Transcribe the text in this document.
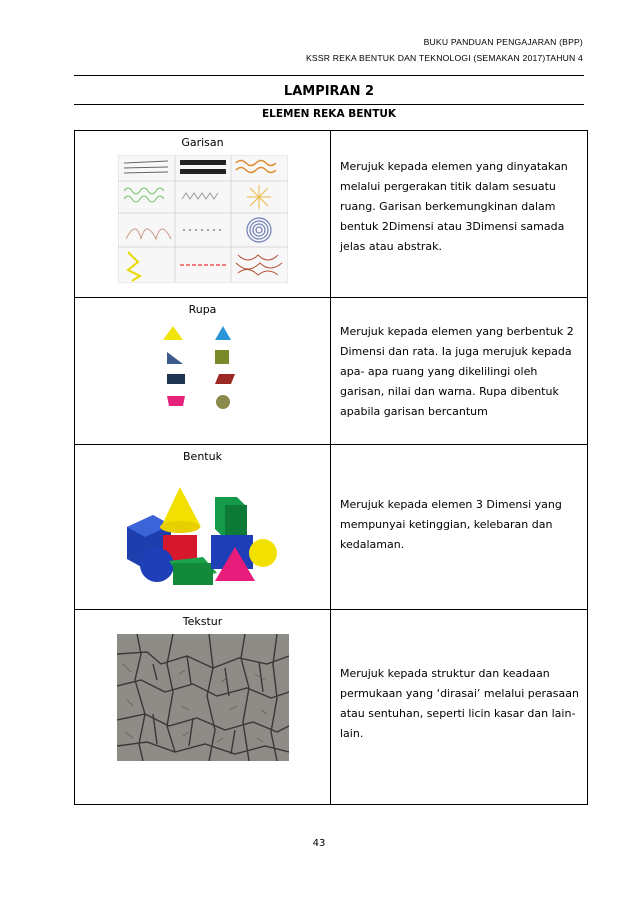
BUKU PANDUAN PENGAJARAN (BPP)
KSSR REKA BENTUK DAN TEKNOLOGI (SEMAKAN 2017)TAHUN 4
LAMPIRAN 2
ELEMEN REKA BENTUK
Garisan	Merujuk kepada elemen yang dinyatakan melalui pergerakan titik dalam sesuatu ruang. Garisan berkemungkinan dalam bentuk 2Dimensi atau 3Dimensi samada jelas atau abstrak.

Rupa	Merujuk kepada elemen yang berbentuk 2 Dimensi dan rata. Ia juga merujuk kepada apa- apa ruang yang dikelilingi oleh garisan, nilai dan warna. Rupa dibentuk apabila garisan bercantum

Bentuk	Merujuk kepada elemen 3 Dimensi yang mempunyai ketinggian, kelebaran dan kedalaman.

Tekstur	Merujuk kepada struktur dan keadaan permukaan yang ‘dirasai’ melalui perasaan atau sentuhan, seperti licin kasar dan lain-lain.
43
